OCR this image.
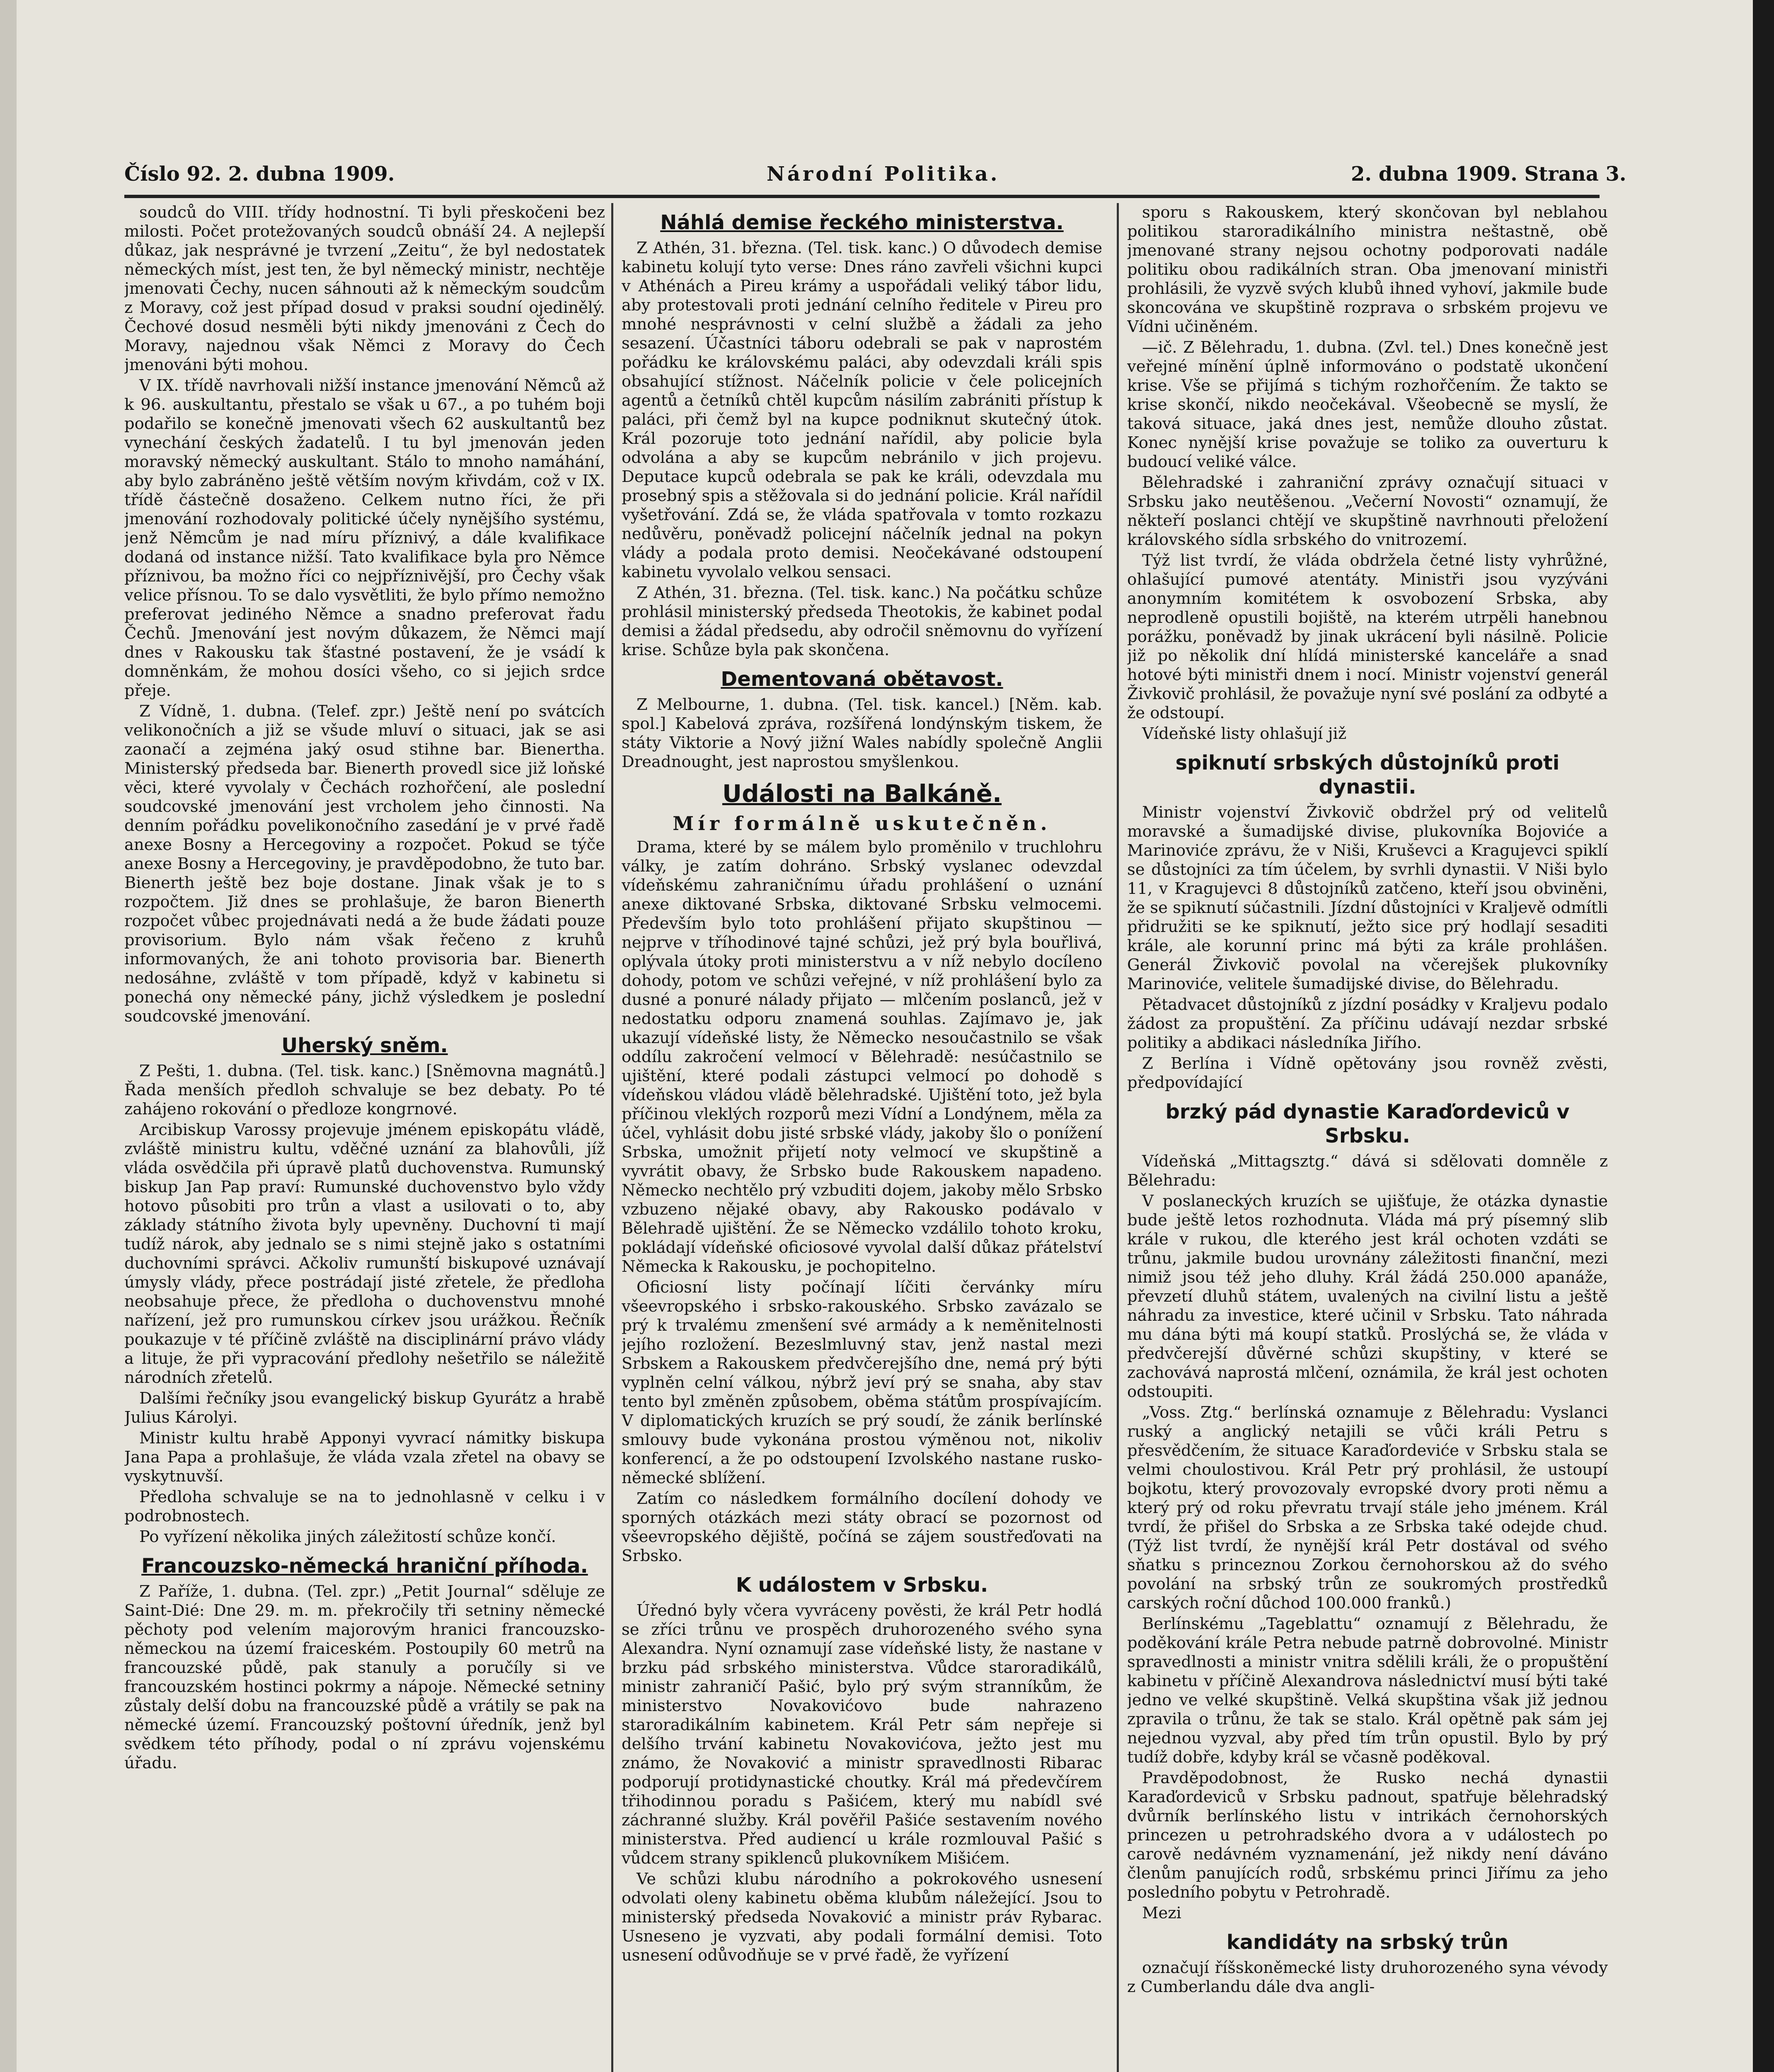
Číslo 92. 2. dubna 1909.	Národní Politika.	2. dubna 1909. Strana 3.

soudců do VIII. třídy hodnostní. Ti byli přeskočeni bez milosti. Počet protežovaných soudců obnáší 24. A nejlepší důkaz, jak nesprávné je tvrzení „Zeitu“, že byl nedostatek německých míst, jest ten, že byl německý ministr, nechtěje jmenovati Čechy, nucen sáhnouti až k německým soudcům z Moravy, což jest případ dosud v praksi soudní ojedinělý. Čechové dosud nesměli býti nikdy jmenováni z Čech do Moravy, najednou však Němci z Moravy do Čech jmenováni býti mohou.

V IX. třídě navrhovali nižší instance jmenování Němců až k 96. auskultantu, přestalo se však u 67., a po tuhém boji podařilo se konečně jmenovati všech 62 auskultantů bez vynechání českých žadatelů. I tu byl jmenován jeden moravský německý auskultant. Stálo to mnoho namáhání, aby bylo zabráněno ještě větším novým křivdám, což v IX. třídě částečně dosaženo. Celkem nutno říci, že při jmenování rozhodovaly politické účely nynějšího systému, jenž Němcům je nad míru příznivý, a dále kvalifikace dodaná od instance nižší. Tato kvalifikace byla pro Němce příznivou, ba možno říci co nejpříznivější, pro Čechy však velice přísnou. To se dalo vysvětliti, že bylo přímo nemožno preferovat jediného Němce a snadno preferovat řadu Čechů. Jmenování jest novým důkazem, že Němci mají dnes v Rakousku tak šťastné postavení, že je vsádí k domněnkám, že mohou dosíci všeho, co si jejich srdce přeje.

Z Vídně, 1. dubna. (Telef. zpr.) Ještě není po svátcích velikonočních a již se všude mluví o situaci, jak se asi zaonačí a zejména jaký osud stihne bar. Bienertha. Ministerský předseda bar. Bienerth provedl sice již loňské věci, které vyvolaly v Čechách rozhořčení, ale poslední soudcovské jmenování jest vrcholem jeho činnosti. Na denním pořádku povelikonočního zasedání je v prvé řadě anexe Bosny a Hercegoviny a rozpočet. Pokud se týče anexe Bosny a Hercegoviny, je pravděpodobno, že tuto bar. Bienerth ještě bez boje dostane. Jinak však je to s rozpočtem. Již dnes se prohlašuje, že baron Bienerth rozpočet vůbec projednávati nedá a že bude žádati pouze provisorium. Bylo nám však řečeno z kruhů informovaných, že ani tohoto provisoria bar. Bienerth nedosáhne, zvláště v tom případě, když v kabinetu si ponechá ony německé pány, jichž výsledkem je poslední soudcovské jmenování.

Uherský sněm.

Z Pešti, 1. dubna. (Tel. tisk. kanc.) [Sněmovna magnátů.] Řada menších předloh schvaluje se bez debaty. Po té zahájeno rokování o předloze kongrnové.

Arcibiskup Varossy projevuje jménem episkopátu vládě, zvláště ministru kultu, vděčné uznání za blahovůli, jíž vláda osvědčila při úpravě platů duchovenstva. Rumunský biskup Jan Pap praví: Rumunské duchovenstvo bylo vždy hotovo působiti pro trůn a vlast a usilovati o to, aby základy státního života byly upevněny. Duchovní ti mají tudíž nárok, aby jednalo se s nimi stejně jako s ostatními duchovními správci. Ačkoliv rumunští biskupové uznávají úmysly vlády, přece postrádají jisté zřetele, že předloha neobsahuje přece, že předloha o duchovenstvu mnohé nařízení, jež pro rumunskou církev jsou urážkou. Řečník poukazuje v té příčině zvláště na disciplinární právo vlády a lituje, že při vypracování předlohy nešetřilo se náležitě národních zřetelů.

Dalšími řečníky jsou evangelický biskup Gyurátz a hrabě Julius Károlyi.

Ministr kultu hrabě Apponyi vyvrací námitky biskupa Jana Papa a prohlašuje, že vláda vzala zřetel na obavy se vyskytnuvší.

Předloha schvaluje se na to jednohlasně v celku i v podrobnostech.

Po vyřízení několika jiných záležitostí schůze končí.

Francouzsko-německá hraniční příhoda.

Z Paříže, 1. dubna. (Tel. zpr.) „Petit Journal“ sděluje ze Saint-Dié: Dne 29. m. m. překročily tři setniny německé pěchoty pod velením majorovým hranici francouzsko-německou na území fraiceském. Postoupily 60 metrů na francouzské půdě, pak stanuly a poručíly si ve francouzském hostinci pokrmy a nápoje. Německé setniny zůstaly delší dobu na francouzské půdě a vrátily se pak na německé území. Francouzský poštovní úředník, jenž byl svědkem této příhody, podal o ní zprávu vojenskému úřadu.

Náhlá demise řeckého ministerstva.

Z Athén, 31. března. (Tel. tisk. kanc.) O důvodech demise kabinetu kolují tyto verse: Dnes ráno zavřeli všichni kupci v Athénách a Pireu krámy a uspořádali veliký tábor lidu, aby protestovali proti jednání celního ředitele v Pireu pro mnohé nesprávnosti v celní službě a žádali za jeho sesazení. Účastníci táboru odebrali se pak v naprostém pořádku ke královskému paláci, aby odevzdali králi spis obsahující stížnost. Náčelník policie v čele policejních agentů a četníků chtěl kupcům násilím zabrániti přístup k paláci, při čemž byl na kupce podniknut skutečný útok. Král pozoruje toto jednání nařídil, aby policie byla odvolána a aby se kupcům nebránilo v jich projevu. Deputace kupců odebrala se pak ke králi, odevzdala mu prosebný spis a stěžovala si do jednání policie. Král nařídil vyšetřování. Zdá se, že vláda spatřovala v tomto rozkazu nedůvěru, poněvadž policejní náčelník jednal na pokyn vlády a podala proto demisi. Neočekávané odstoupení kabinetu vyvolalo velkou sensaci.

Z Athén, 31. března. (Tel. tisk. kanc.) Na počátku schůze prohlásil ministerský předseda Theotokis, že kabinet podal demisi a žádal předsedu, aby odročil sněmovnu do vyřízení krise. Schůze byla pak skončena.

Dementovaná obětavost.

Z Melbourne, 1. dubna. (Tel. tisk. kancel.) [Něm. kab. spol.] Kabelová zpráva, rozšířená londýnským tiskem, že státy Viktorie a Nový jižní Wales nabídly společně Anglii Dreadnought, jest naprostou smyšlenkou.

Události na Balkáně.
Mír formálně uskutečněn.

Drama, které by se málem bylo proměnilo v truchlohru války, je zatím dohráno. Srbský vyslanec odevzdal vídeňskému zahraničnímu úřadu prohlášení o uznání anexe diktované Srbska, diktované Srbsku velmocemi. Především bylo toto prohlášení přijato skupštinou — nejprve v tříhodinové tajné schůzi, jež prý byla bouřlivá, oplývala útoky proti ministerstvu a v níž nebylo docíleno dohody, potom ve schůzi veřejné, v níž prohlášení bylo za dusné a ponuré nálady přijato — mlčením poslanců, jež v nedostatku odporu znamená souhlas. Zajímavo je, jak ukazují vídeňské listy, že Německo nesoučastnilo se však oddílu zakročení velmocí v Bělehradě: nesúčastnilo se ujištění, které podali zástupci velmocí po dohodě s vídeňskou vládou vládě bělehradské. Ujištění toto, jež byla příčinou vleklých rozporů mezi Vídní a Londýnem, měla za účel, vyhlásit dobu jisté srbské vlády, jakoby šlo o ponížení Srbska, umožnit přijetí noty velmocí ve skupštině a vyvrátit obavy, že Srbsko bude Rakouskem napadeno. Německo nechtělo prý vzbuditi dojem, jakoby mělo Srbsko vzbuzeno nějaké obavy, aby Rakousko podávalo v Bělehradě ujištění. Že se Německo vzdálilo tohoto kroku, pokládají vídeňské oficiosové vyvolal další důkaz přátelství Německa k Rakousku, je pochopitelno.

Oficiosní listy počínají líčiti červánky míru všeevropského i srbsko-rakouského. Srbsko zavázalo se prý k trvalému zmenšení své armády a k neměnitelnosti jejího rozložení. Bezeslmluvný stav, jenž nastal mezi Srbskem a Rakouskem předvčerejšího dne, nemá prý býti vyplněn celní válkou, nýbrž jeví prý se snaha, aby stav tento byl změněn způsobem, oběma státům prospívajícím. V diplomatických kruzích se prý soudí, že zánik berlínské smlouvy bude vykonána prostou výměnou not, nikoliv konferencí, a že po odstoupení Izvolského nastane rusko-německé sblížení.

Zatím co následkem formálního docílení dohody ve sporných otázkách mezi státy obrací se pozornost od všeevropského dějiště, počíná se zájem soustřeďovati na Srbsko.

K událostem v Srbsku.

Úřednó byly včera vyvráceny pověsti, že král Petr hodlá se zříci trůnu ve prospěch druhorozeného svého syna Alexandra. Nyní oznamují zase vídeňské listy, že nastane v brzku pád srbského ministerstva. Vůdce staroradikálů, ministr zahraničí Pašić, bylo prý svým stranníkům, že ministerstvo Novakovićovo bude nahrazeno staroradikálním kabinetem. Král Petr sám nepřeje si delšího trvání kabinetu Novakovićova, ježto jest mu známo, že Novaković a ministr spravedlnosti Ribarac podporují protidynastické choutky. Král má předevčírem třihodinnou poradu s Pašićem, který mu nabídl své záchranné služby. Král pověřil Pašiće sestavením nového ministerstva. Před audiencí u krále rozmlouval Pašić s vůdcem strany spiklenců plukovníkem Mišićem.

Ve schůzi klubu národního a pokrokového usnesení odvolati oleny kabinetu oběma klubům náležející. Jsou to ministerský předseda Novaković a ministr práv Rybarac. Usneseno je vyzvati, aby podali formální demisi. Toto usnesení odůvodňuje se v prvé řadě, že vyřízení

sporu s Rakouskem, který skončovan byl neblahou politikou staroradikálního ministra neštastně, obě jmenované strany nejsou ochotny podporovati nadále politiku obou radikálních stran. Oba jmenovaní ministři prohlásili, že vyzvě svých klubů ihned vyhoví, jakmile bude skoncována ve skupštině rozprava o srbském projevu ve Vídni učiněném.

—ič. Z Bělehradu, 1. dubna. (Zvl. tel.) Dnes konečně jest veřejné mínění úplně informováno o podstatě ukončení krise. Vše se přijímá s tichým rozhořčením. Že takto se krise skončí, nikdo neočekával. Všeobecně se myslí, že taková situace, jaká dnes jest, nemůže dlouho zůstat. Konec nynější krise považuje se toliko za ouverturu k budoucí veliké válce.

Bělehradské i zahraniční zprávy označují situaci v Srbsku jako neutěšenou. „Večerní Novosti“ oznamují, že někteří poslanci chtějí ve skupštině navrhnouti přeložení královského sídla srbského do vnitrozemí.

Týž list tvrdí, že vláda obdržela četné listy vyhrůžné, ohlašující pumové atentáty. Ministři jsou vyzýváni anonymním komitétem k osvobození Srbska, aby neprodleně opustili bojiště, na kterém utrpěli hanebnou porážku, poněvadž by jinak ukrácení byli násilně. Policie již po několik dní hlídá ministerské kanceláře a snad hotové býti ministři dnem i nocí. Ministr vojenství generál Živkovič prohlásil, že považuje nyní své poslání za odbyté a že odstoupí.

Vídeňské listy ohlašují již

spiknutí srbských důstojníků proti dynastii.

Ministr vojenství Živkovič obdržel prý od velitelů moravské a šumadijské divise, plukovníka Bojoviće a Marinoviće zprávu, že v Niši, Kruševci a Kragujevci spiklí se důstojníci za tím účelem, by svrhli dynastii. V Niši bylo 11, v Kragujevci 8 důstojníků zatčeno, kteří jsou obviněni, že se spiknutí súčastnili. Jízdní důstojníci v Kraljevě odmítli přidružiti se ke spiknutí, ježto sice prý hodlají sesaditi krále, ale korunní princ má býti za krále prohlášen. Generál Živkovič povolal na včerejšek plukovníky Marinoviće, velitele šumadijské divise, do Bělehradu.

Pětadvacet důstojníků z jízdní posádky v Kraljevu podalo žádost za propuštění. Za příčinu udávají nezdar srbské politiky a abdikaci následníka Jiřího.

Z Berlína i Vídně opětovány jsou rovněž zvěsti, předpovídající

brzký pád dynastie Karaďordeviců v Srbsku.

Vídeňská „Mittagsztg.“ dává si sdělovati domněle z Bělehradu:

V poslaneckých kruzích se ujišťuje, že otázka dynastie bude ještě letos rozhodnuta. Vláda má prý písemný slib krále v rukou, dle kterého jest král ochoten vzdáti se trůnu, jakmile budou urovnány záležitosti finanční, mezi nimiž jsou též jeho dluhy. Král žádá 250.000 apanáže, převzetí dluhů státem, uvalených na civilní listu a ještě náhradu za investice, které učinil v Srbsku. Tato náhrada mu dána býti má koupí statků. Proslýchá se, že vláda v předvčerejší důvěrné schůzi skupštiny, v které se zachovává naprostá mlčení, oznámila, že král jest ochoten odstoupiti.

„Voss. Ztg.“ berlínská oznamuje z Bělehradu: Vyslanci ruský a anglický netajili se vůči králi Petru s přesvědčením, že situace Karaďordeviće v Srbsku stala se velmi choulostivou. Král Petr prý prohlásil, že ustoupí bojkotu, který provozovaly evropské dvory proti němu a který prý od roku převratu trvají stále jeho jménem. Král tvrdí, že přišel do Srbska a ze Srbska také odejde chud. (Týž list tvrdí, že nynější král Petr dostával od svého sňatku s princeznou Zorkou černohorskou až do svého povolání na srbský trůn ze soukromých prostředků carských roční důchod 100.000 franků.)

Berlínskému „Tageblattu“ oznamují z Bělehradu, že poděkování krále Petra nebude patrně dobrovolné. Ministr spravedlnosti a ministr vnitra sdělili králi, že o propuštění kabinetu v příčině Alexandrova následnictví musí býti také jedno ve velké skupštině. Velká skupština však již jednou zpravila o trůnu, že tak se stalo. Král opětně pak sám jej nejednou vyzval, aby před tím trůn opustil. Bylo by prý tudíž dobře, kdyby král se včasně poděkoval.

Pravděpodobnost, že Rusko nechá dynastii Karaďordeviců v Srbsku padnout, spatřuje bělehradský dvůrník berlínského listu v intrikách černohorských princezen u petrohradského dvora a v událostech po carově nedávném vyznamenání, jež nikdy není dáváno členům panujících rodů, srbskému princi Jiřímu za jeho posledního pobytu v Petrohradě.

Mezi

kandidáty na srbský trůn

označují říšskoněmecké listy druhorozeného syna vévody z Cumberlandu dále dva angli-
